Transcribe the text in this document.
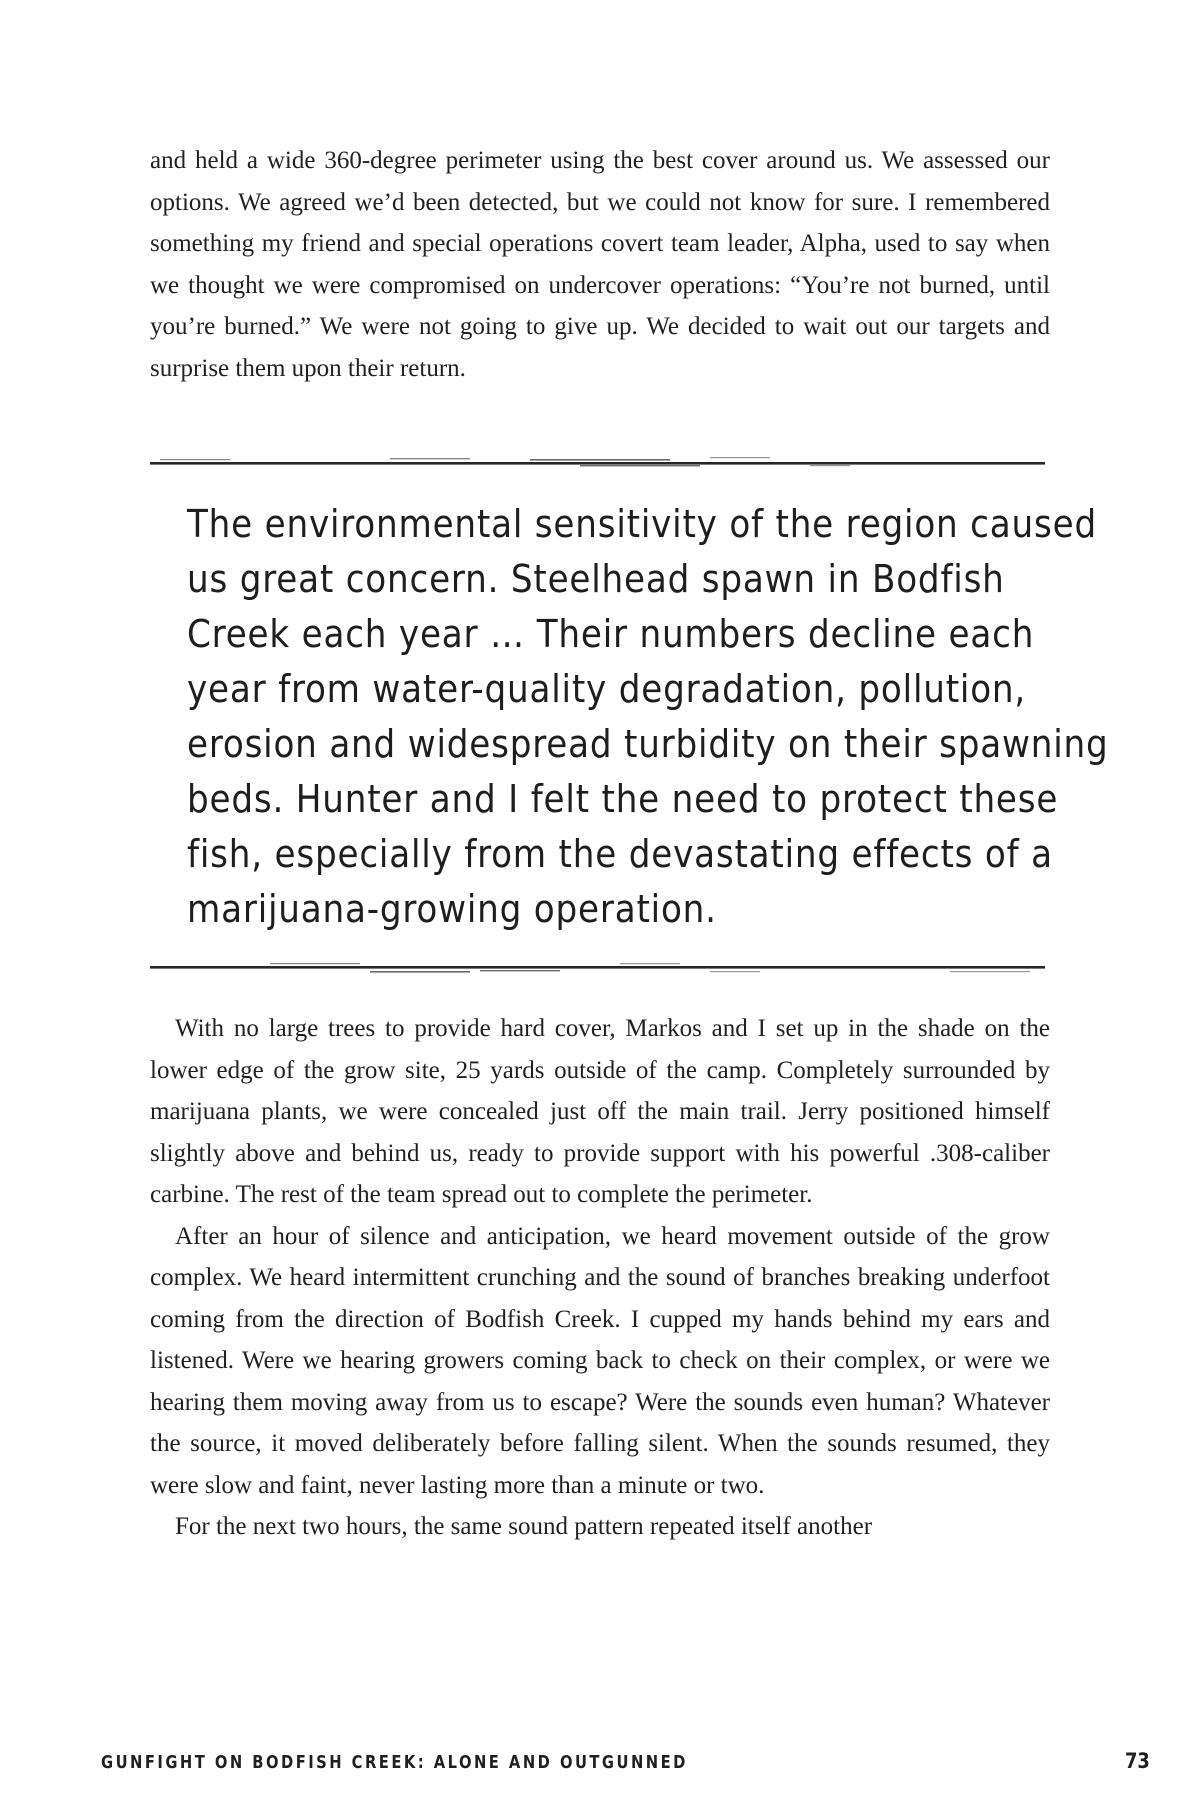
and held a wide 360-degree perimeter using the best cover around us. We assessed our options. We agreed we’d been detected, but we could not know for sure. I remembered something my friend and special operations covert team leader, Alpha, used to say when we thought we were compromised on undercover operations: “You’re not burned, until you’re burned.” We were not going to give up. We decided to wait out our targets and surprise them upon their return.

The environmental sensitivity of the region caused
us great concern. Steelhead spawn in Bodfish
Creek each year … Their numbers decline each
year from water-quality degradation, pollution,
erosion and widespread turbidity on their spawning
beds. Hunter and I felt the need to protect these
fish, especially from the devastating effects of a
marijuana-growing operation.

With no large trees to provide hard cover, Markos and I set up in the shade on the lower edge of the grow site, 25 yards outside of the camp. Completely surrounded by marijuana plants, we were concealed just off the main trail. Jerry positioned himself slightly above and behind us, ready to provide support with his powerful .308-caliber carbine. The rest of the team spread out to complete the perimeter.

After an hour of silence and anticipation, we heard movement outside of the grow complex. We heard intermittent crunching and the sound of branches breaking underfoot coming from the direction of Bodfish Creek. I cupped my hands behind my ears and listened. Were we hearing growers coming back to check on their complex, or were we hearing them moving away from us to escape? Were the sounds even human? Whatever the source, it moved deliberately before falling silent. When the sounds resumed, they were slow and faint, never lasting more than a minute or two.

For the next two hours, the same sound pattern repeated itself another

GUNFIGHT ON BODFISH CREEK: ALONE AND OUTGUNNED	73
